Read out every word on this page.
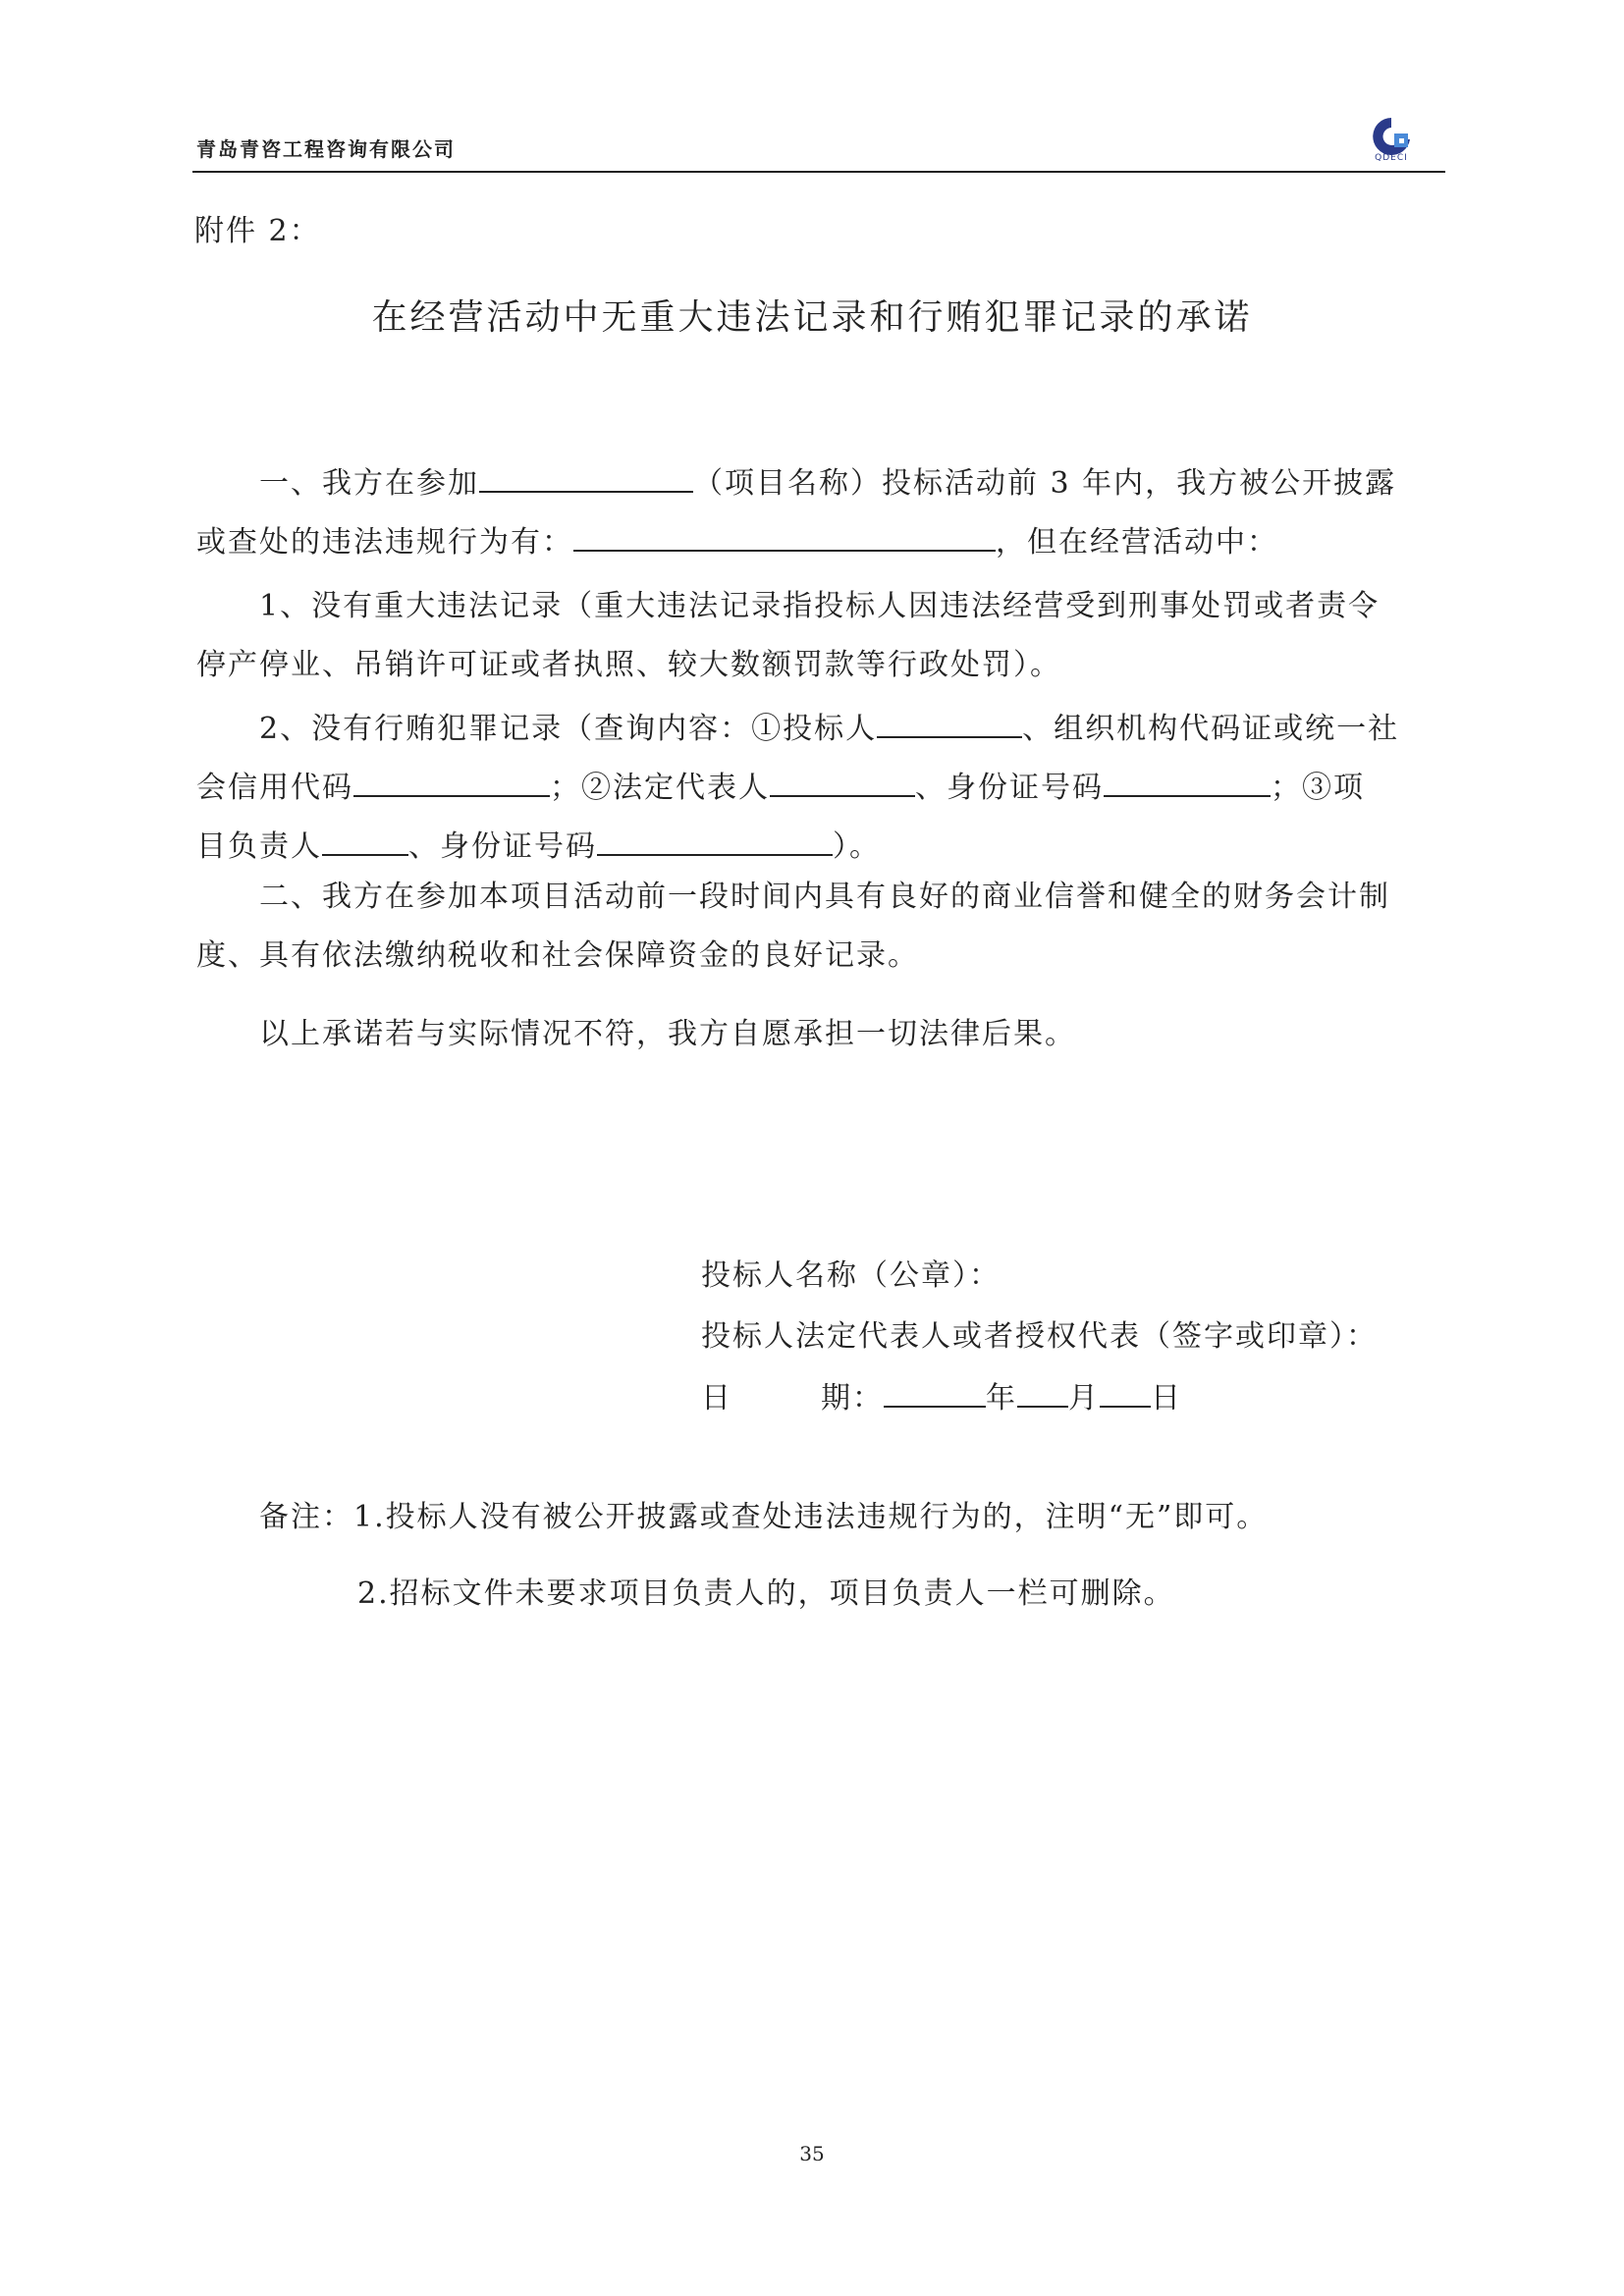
青岛青咨工程咨询有限公司	QDECI
附件 2：
在经营活动中无重大违法记录和行贿犯罪记录的承诺
一、我方在参加	（项目名称）投标活动前 3 年内，我方被公开披露
或查处的违法违规行为有：	，但在经营活动中：
1、没有重大违法记录（重大违法记录指投标人因违法经营受到刑事处罚或者责令
停产停业、吊销许可证或者执照、较大数额罚款等行政处罚）。
2、没有行贿犯罪记录（查询内容：①投标人	、组织机构代码证或统一社
会信用代码	；②法定代表人	、身份证号码	；③项
目负责人	、身份证号码	）。
二、我方在参加本项目活动前一段时间内具有良好的商业信誉和健全的财务会计制
度、具有依法缴纳税收和社会保障资金的良好记录。
以上承诺若与实际情况不符，我方自愿承担一切法律后果。
投标人名称（公章）：
投标人法定代表人或者授权代表（签字或印章）：
日	期：	年 月 日
备注：1.投标人没有被公开披露或查处违法违规行为的，注明“无”即可。
2.招标文件未要求项目负责人的，项目负责人一栏可删除。
35
